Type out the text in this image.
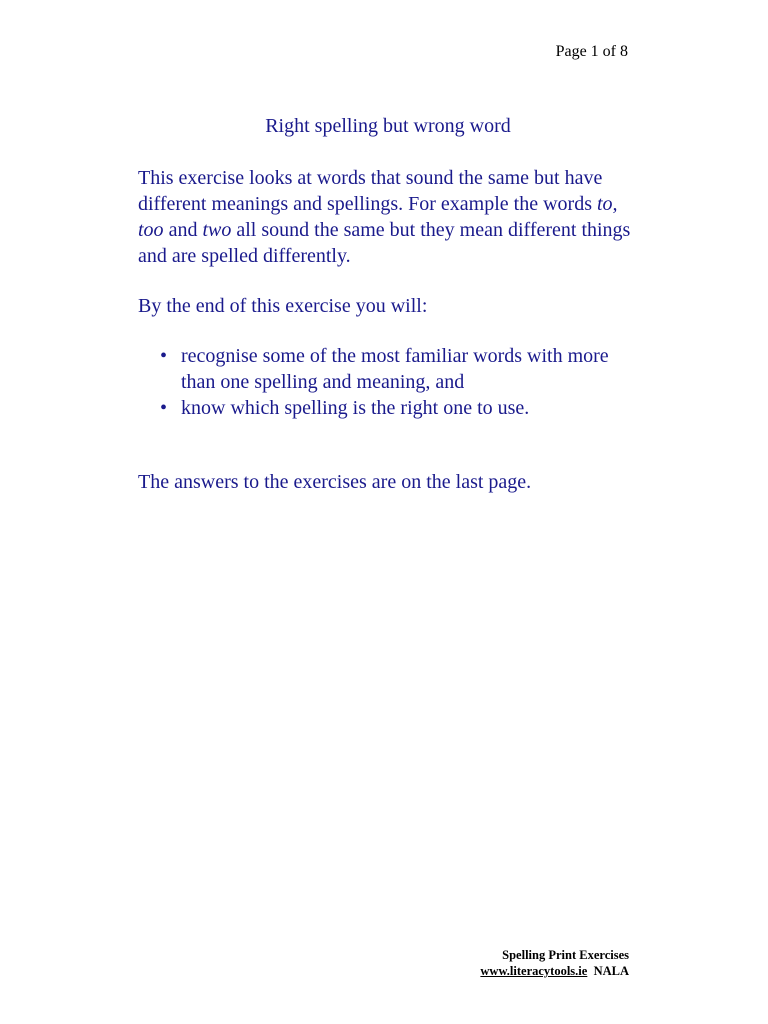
Page 1 of 8
Right spelling but wrong word

This exercise looks at words that sound the same but have different meanings and spellings. For example the words to, too and two all sound the same but they mean different things and are spelled differently.

By the end of this exercise you will:

• recognise some of the most familiar words with more than one spelling and meaning, and
• know which spelling is the right one to use.

The answers to the exercises are on the last page.

Spelling Print Exercises
www.literacytools.ie NALA
